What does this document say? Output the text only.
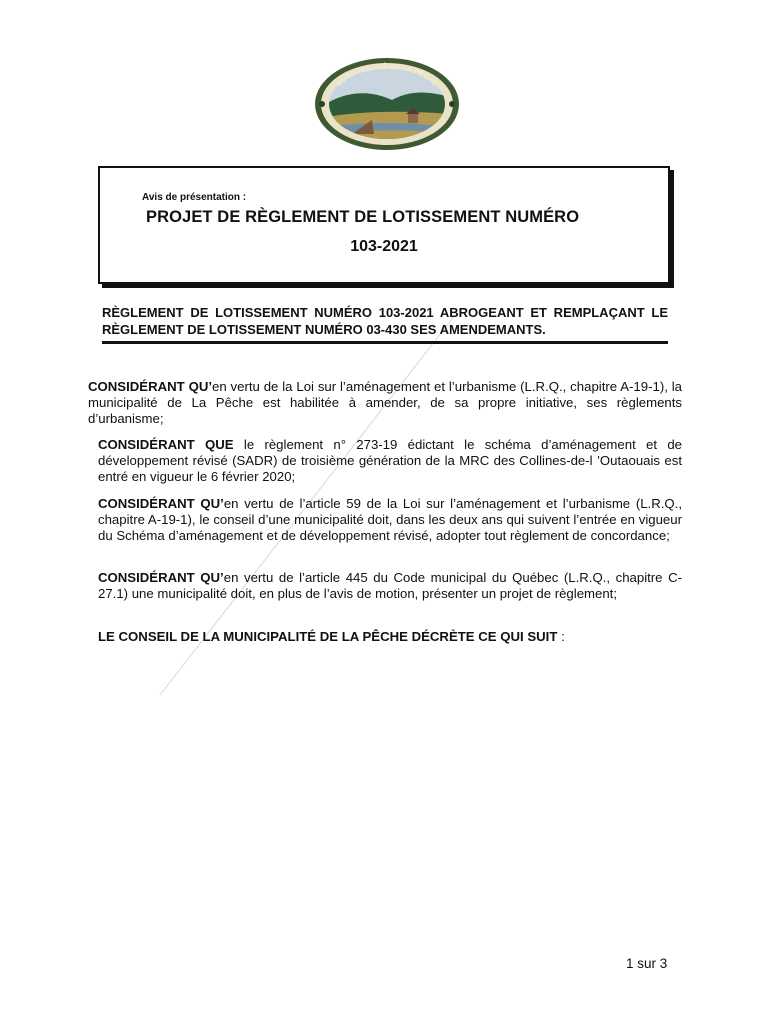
MUNICIPALITÉ DE LA PÊCHE
Avis de présentation :
PROJET DE RÈGLEMENT DE LOTISSEMENT NUMÉRO
103-2021
RÈGLEMENT DE LOTISSEMENT NUMÉRO 103-2021 ABROGEANT ET REMPLAÇANT LE RÈGLEMENT DE LOTISSEMENT NUMÉRO 03-430 SES AMENDEMANTS.

CONSIDÉRANT QU’en vertu de la Loi sur l’aménagement et l’urbanisme (L.R.Q., chapitre A-19-1), la municipalité de La Pêche est habilitée à amender, de sa propre initiative, ses règlements d’urbanisme;

CONSIDÉRANT QUE le règlement n° 273-19 édictant le schéma d’aménagement et de développement révisé (SADR) de troisième génération de la MRC des Collines-de-l ’Outaouais est entré en vigueur le 6 février 2020;

CONSIDÉRANT QU’en vertu de l’article 59 de la Loi sur l’aménagement et l’urbanisme (L.R.Q., chapitre A-19-1), le conseil d’une municipalité doit, dans les deux ans qui suivent l’entrée en vigueur du Schéma d’aménagement et de développement révisé, adopter tout règlement de concordance;

CONSIDÉRANT QU’en vertu de l’article 445 du Code municipal du Québec (L.R.Q., chapitre C-27.1) une municipalité doit, en plus de l’avis de motion, présenter un projet de règlement;

LE CONSEIL DE LA MUNICIPALITÉ DE LA PÊCHE DÉCRÈTE CE QUI SUIT :
1 sur 3
